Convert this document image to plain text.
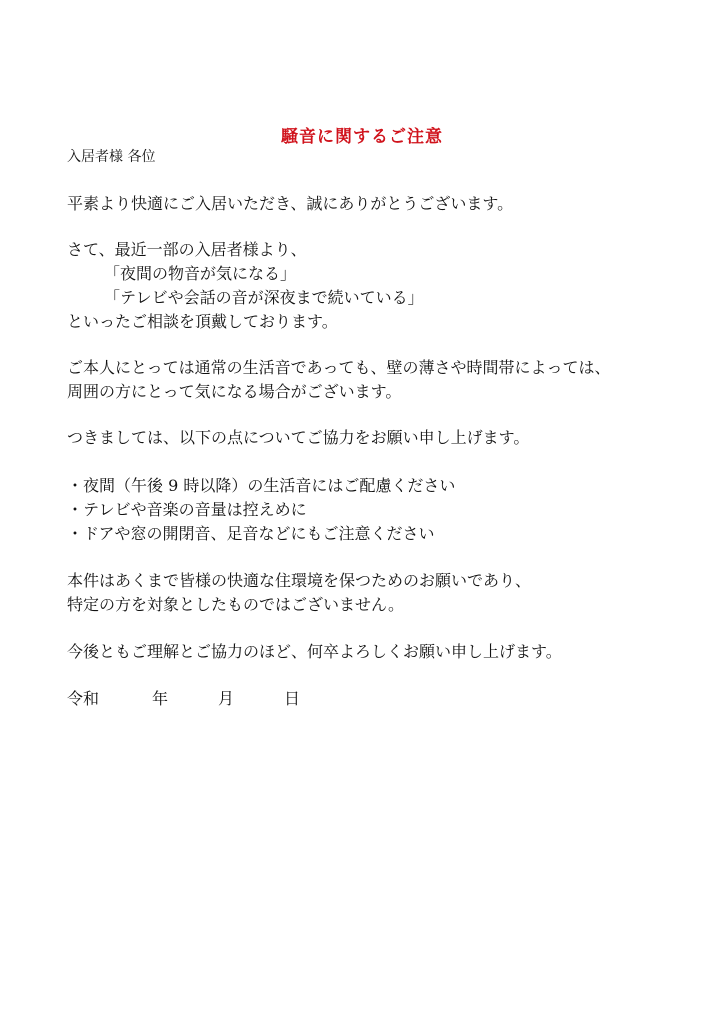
騒音に関するご注意
入居者様 各位
平素より快適にご入居いただき、誠にありがとうございます。
さて、最近一部の入居者様より、
「夜間の物音が気になる」
「テレビや会話の音が深夜まで続いている」
といったご相談を頂戴しております。
ご本人にとっては通常の生活音であっても、壁の薄さや時間帯によっては、
周囲の方にとって気になる場合がございます。
つきましては、以下の点についてご協力をお願い申し上げます。
・夜間（午後 9 時以降）の生活音にはご配慮ください
・テレビや音楽の音量は控えめに
・ドアや窓の開閉音、足音などにもご注意ください
本件はあくまで皆様の快適な住環境を保つためのお願いであり、
特定の方を対象としたものではございません。
今後ともご理解とご協力のほど、何卒よろしくお願い申し上げます。
令和	年	月	日
